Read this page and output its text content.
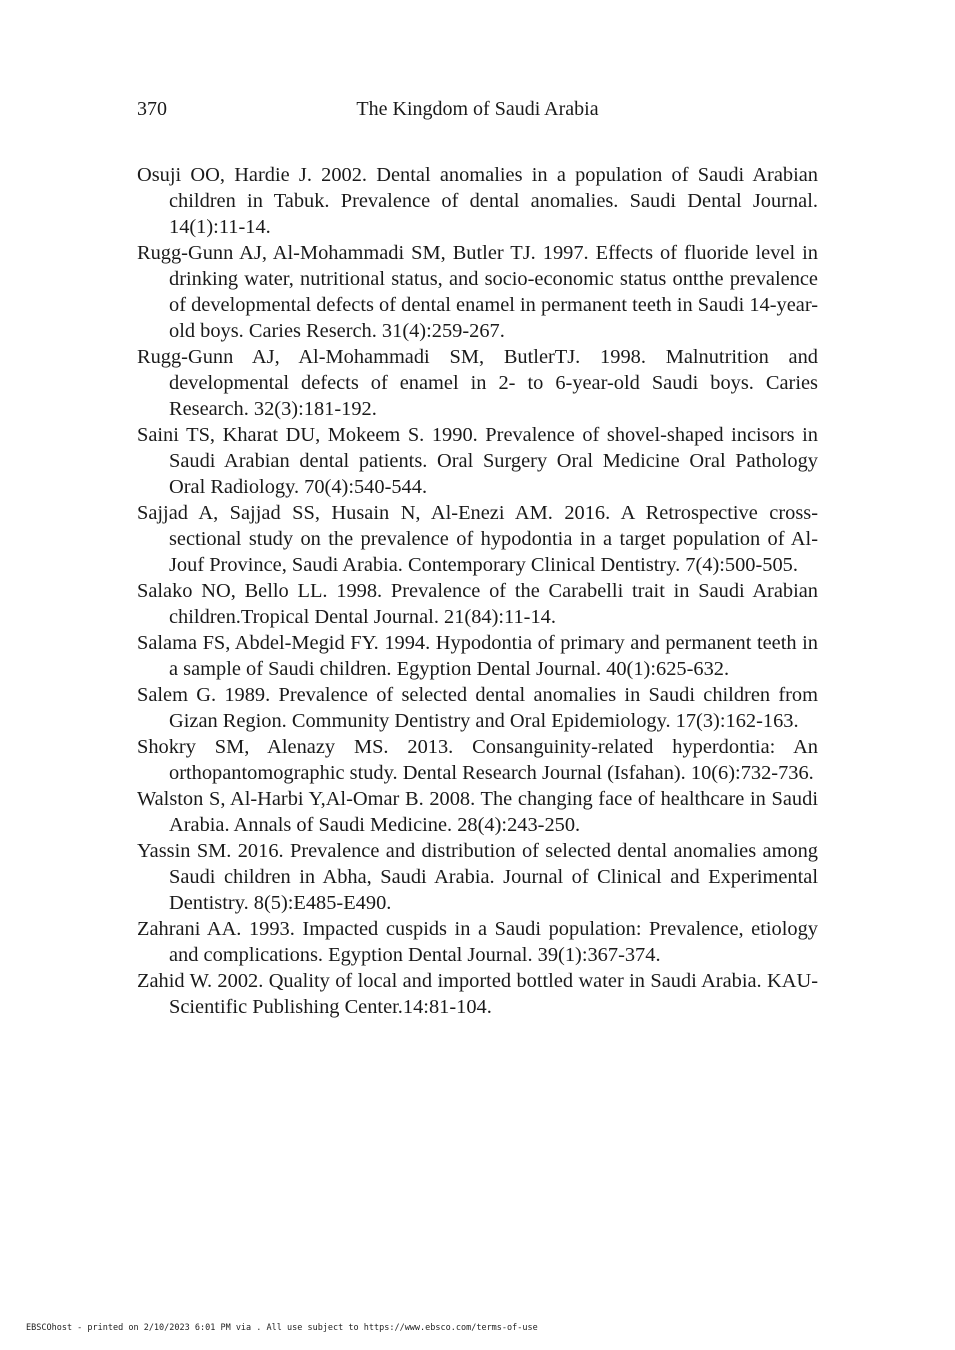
370	The Kingdom of Saudi Arabia
Osuji OO, Hardie J. 2002. Dental anomalies in a population of Saudi Arabian children in Tabuk. Prevalence of dental anomalies. Saudi Dental Journal. 14(1):11-14.
Rugg-Gunn AJ, Al-Mohammadi SM, Butler TJ. 1997. Effects of fluoride level in drinking water, nutritional status, and socio-economic status ontthe prevalence of developmental defects of dental enamel in permanent teeth in Saudi 14-year-old boys. Caries Reserch. 31(4):259-267.
Rugg-Gunn AJ, Al-Mohammadi SM, ButlerTJ. 1998. Malnutrition and developmental defects of enamel in 2- to 6-year-old Saudi boys. Caries Research. 32(3):181-192.
Saini TS, Kharat DU, Mokeem S. 1990. Prevalence of shovel-shaped incisors in Saudi Arabian dental patients. Oral Surgery Oral Medicine Oral Pathology Oral Radiology. 70(4):540-544.
Sajjad A, Sajjad SS, Husain N, Al-Enezi AM. 2016. A Retrospective cross-sectional study on the prevalence of hypodontia in a target population of Al-Jouf Province, Saudi Arabia. Contemporary Clinical Dentistry. 7(4):500-505.
Salako NO, Bello LL. 1998. Prevalence of the Carabelli trait in Saudi Arabian children.Tropical Dental Journal. 21(84):11-14.
Salama FS, Abdel-Megid FY. 1994. Hypodontia of primary and permanent teeth in a sample of Saudi children. Egyption Dental Journal. 40(1):625-632.
Salem G. 1989. Prevalence of selected dental anomalies in Saudi children from Gizan Region. Community Dentistry and Oral Epidemiology. 17(3):162-163.
Shokry SM, Alenazy MS. 2013. Consanguinity-related hyperdontia: An orthopantomographic study. Dental Research Journal (Isfahan). 10(6):732-736.
Walston S, Al-Harbi Y,Al-Omar B. 2008. The changing face of healthcare in Saudi Arabia. Annals of Saudi Medicine. 28(4):243-250.
Yassin SM. 2016. Prevalence and distribution of selected dental anomalies among Saudi children in Abha, Saudi Arabia. Journal of Clinical and Experimental Dentistry. 8(5):E485-E490.
Zahrani AA. 1993. Impacted cuspids in a Saudi population: Prevalence, etiology and complications. Egyption Dental Journal. 39(1):367-374.
Zahid W. 2002. Quality of local and imported bottled water in Saudi Arabia. KAU-Scientific Publishing Center.14:81-104.
EBSCOhost - printed on 2/10/2023 6:01 PM via . All use subject to https://www.ebsco.com/terms-of-use
